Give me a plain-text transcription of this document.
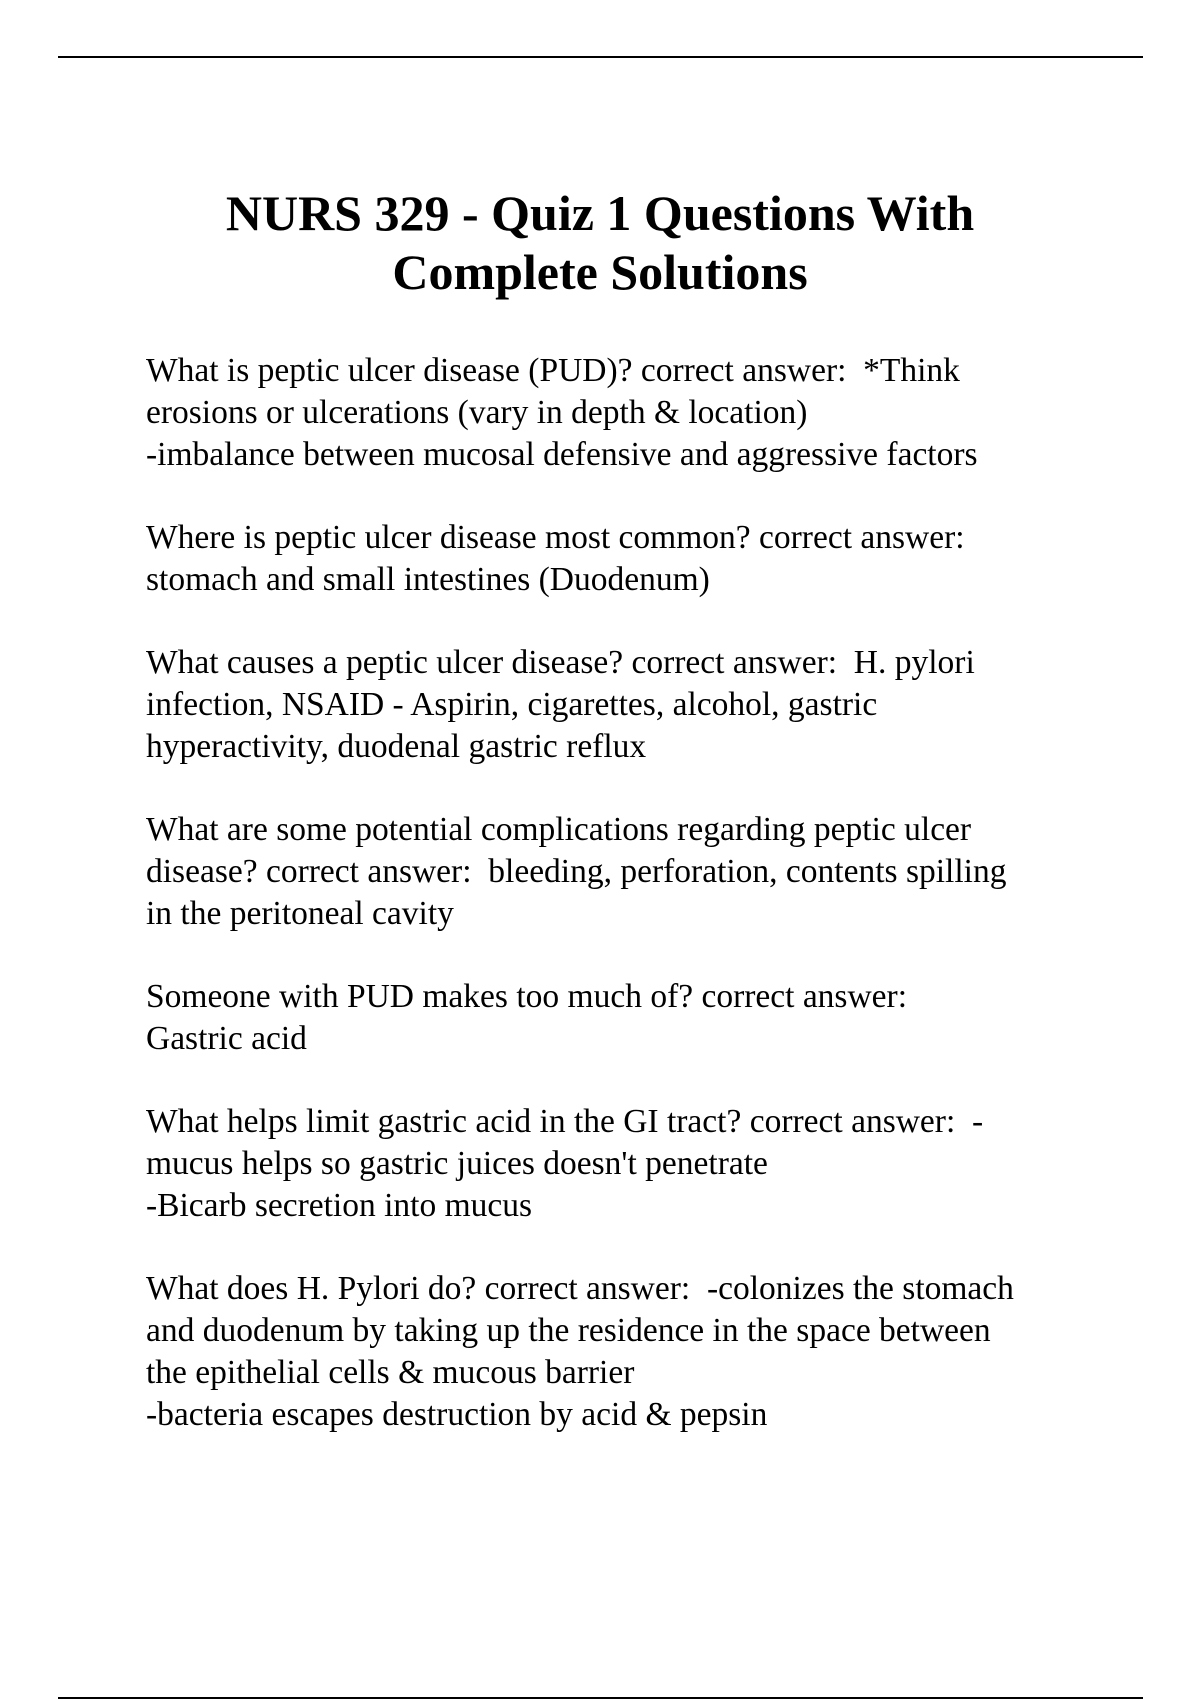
NURS 329 - Quiz 1 Questions With
Complete Solutions

What is peptic ulcer disease (PUD)? correct answer:  *Think
erosions or ulcerations (vary in depth & location)
-imbalance between mucosal defensive and aggressive factors

Where is peptic ulcer disease most common? correct answer:
stomach and small intestines (Duodenum)

What causes a peptic ulcer disease? correct answer:  H. pylori
infection, NSAID - Aspirin, cigarettes, alcohol, gastric
hyperactivity, duodenal gastric reflux

What are some potential complications regarding peptic ulcer
disease? correct answer:  bleeding, perforation, contents spilling
in the peritoneal cavity

Someone with PUD makes too much of? correct answer:
Gastric acid

What helps limit gastric acid in the GI tract? correct answer:  -
mucus helps so gastric juices doesn't penetrate
-Bicarb secretion into mucus

What does H. Pylori do? correct answer:  -colonizes the stomach
and duodenum by taking up the residence in the space between
the epithelial cells & mucous barrier
-bacteria escapes destruction by acid & pepsin
